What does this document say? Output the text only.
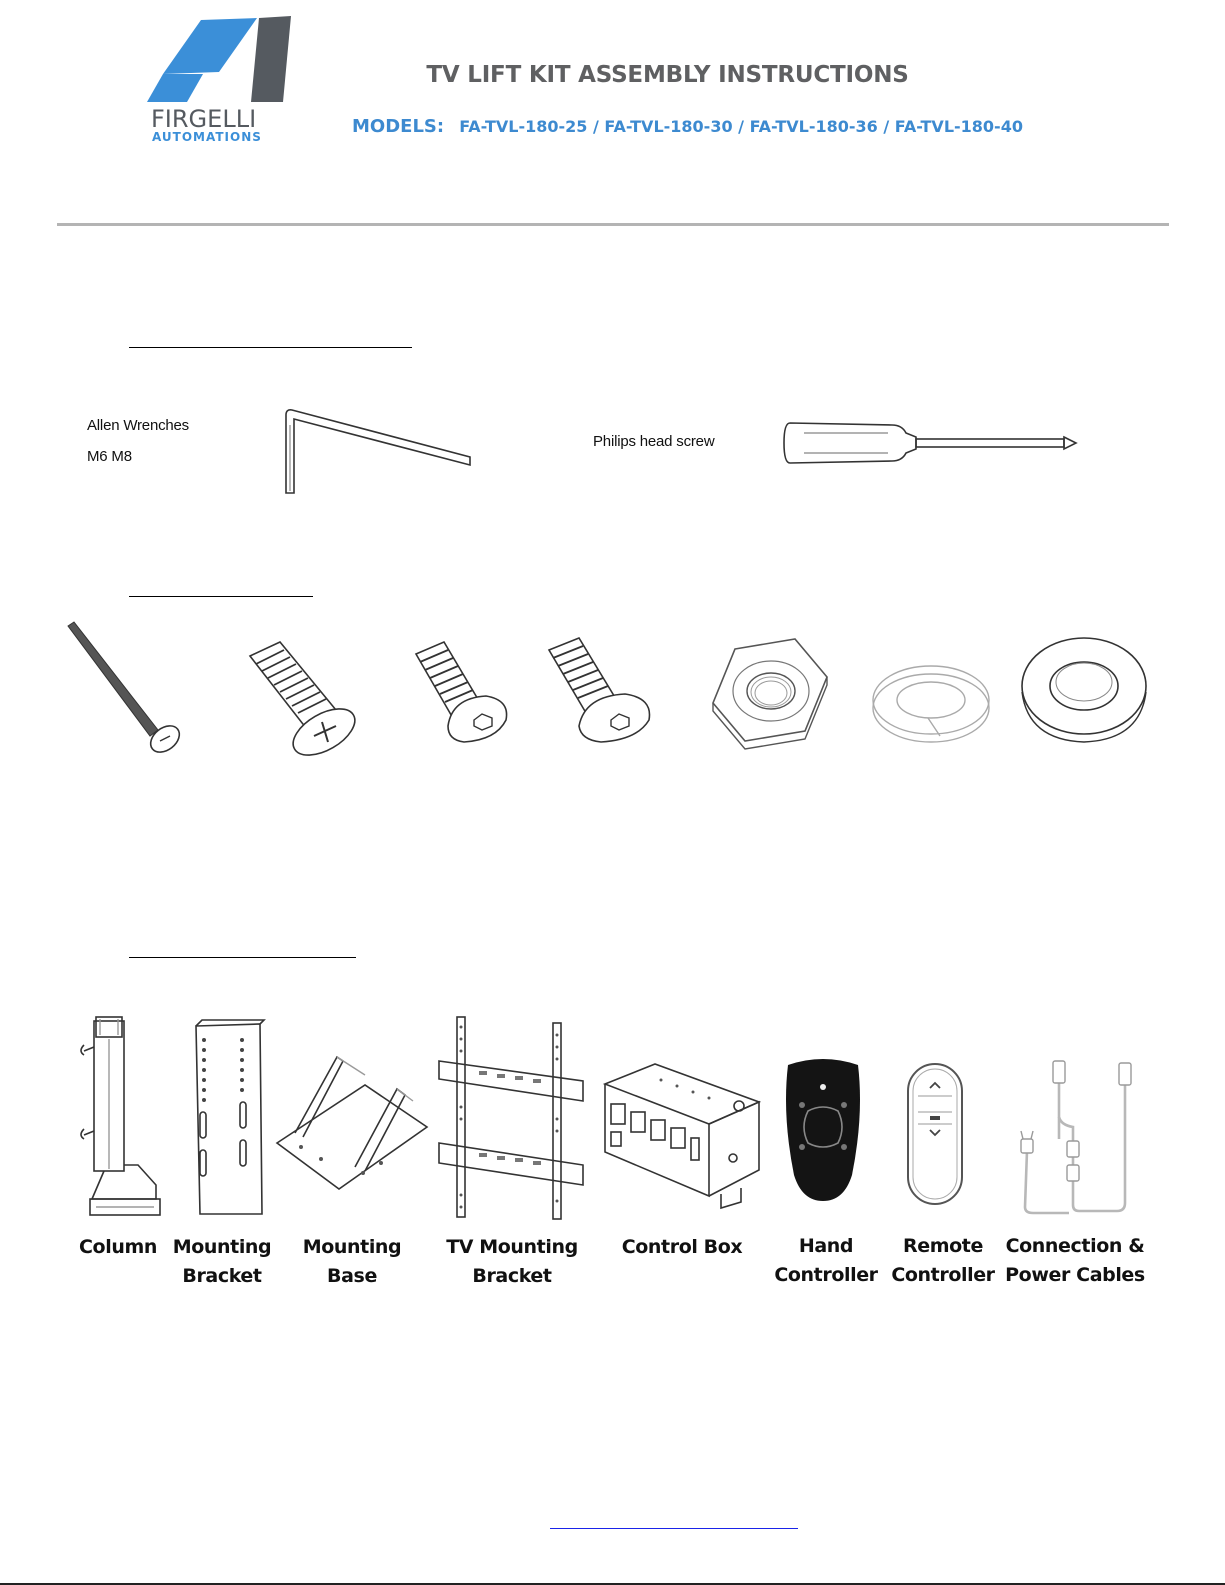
FIRGELLI
AUTOMATIONS
TV LIFT KIT ASSEMBLY INSTRUCTIONS
MODELS: FA-TVL-180-25 / FA-TVL-180-30 / FA-TVL-180-36 / FA-TVL-180-40
Allen Wrenches
M6 M8
Philips head screw
Column Mounting
Bracket
Mounting
Base
TV Mounting
Bracket
Control Box	Hand
Controller
Remote
Controller
Connection &
Power Cables
